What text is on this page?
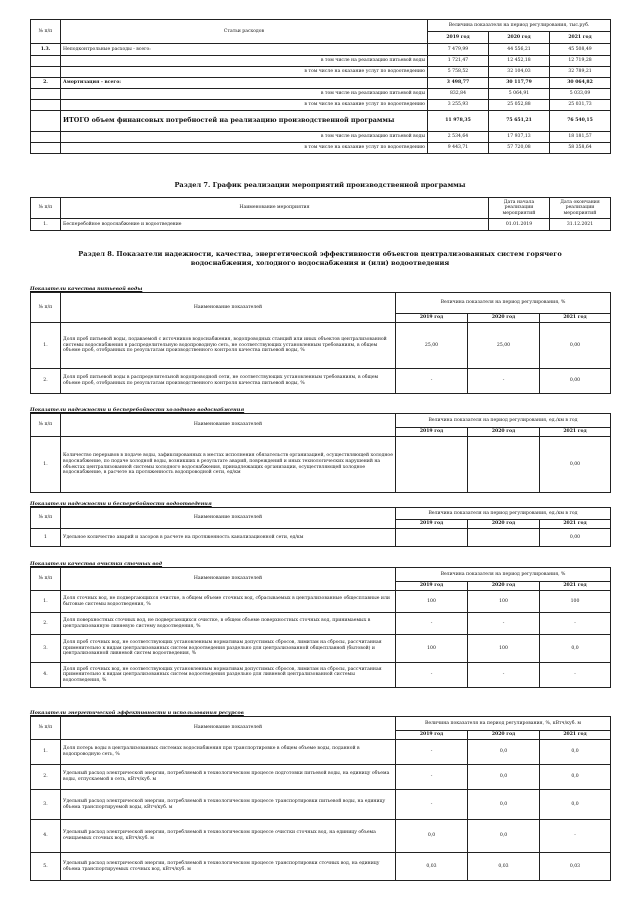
№ п/п	Статьи расходов	Величина показателя на период регулирования, тыс.руб.		
		2019 год	2020 год	2021 год
1.3.	Неподконтрольные расходы - всего:	7 479,99	44 556,21	45 508,49
	в том числе на реализацию питьевой воды	1 721,47	12 452,18	12 719,28
	в том числе на оказание услуг по водоотведению	5 758,52	32 104,03	32 789,21
2.	Амортизация - всего:	3 498,77	30 117,79	30 064,82
	в том числе на реализацию питьевой воды	832,84	5 064,91	5 033,09
	в том числе на оказание услуг по водоотведению	3 255,93	25 052,88	25 031,73
	ИТОГО объем финансовых потребностей на реализацию производственной программы	11 978,35	75 651,21	76 540,15
	в том числе на реализацию питьевой воды	2 534,64	17 937,13	18 181,57
	в том числе на оказание услуг по водоотведению	9 443,71	57 720,08	58 358,64
Раздел 7. График реализации мероприятий производственной программы
№ п/п	Наименование мероприятия	Дата начала реализации мероприятий	Дата окончания реализации мероприятий
1.	Бесперебойное водоснабжение и водоотведение	01.01.2019	31.12.2021
Раздел 8. Показатели надежности, качества, энергетической эффективности объектов централизованных систем горячего водоснабжения, холодного водоснабжения и (или) водоотведения
Показатели качества питьевой воды
№ п/п	Наименование показателей	Величина показателя на период регулирования, %		
		2019 год	2020 год	2021 год
1.	Доля проб питьевой воды, подаваемой с источников водоснабжения, водопроводных станций или иных объектов централизованной системы водоснабжения в распределительную водопроводную сеть, не соответствующих установленным требованиям, в общем объеме проб, отобранных по результатам производственного контроля качества питьевой воды, %	25,00	25,00	0,00
2.	Доля проб питьевой воды в распределительной водопроводной сети, не соответствующих установленным требованиям, в общем объеме проб, отобранных по результатам производственного контроля качества питьевой воды, %	-	-	0,00
Показатели надежности и бесперебойности холодного водоснабжения
№ п/п	Наименование показателей	Величина показателя на период регулирования, ед./км в год		
		2019 год	2020 год	2021 год
1.	Количество перерывов в подаче воды, зафиксированных в местах исполнения обязательств организацией, осуществляющей холодное водоснабжение, по подаче холодной воды, возникших в результате аварий, повреждений и иных технологических нарушений на объектах централизованной системы холодного водоснабжения, принадлежащих организации, осуществляющей холодное водоснабжение, в расчете на протяженность водопроводной сети, ед/км			0,00
Показатели надежности и бесперебойности водоотведения
№ п/п	Наименование показателей	Величина показателя на период регулирования, ед./км в год		
		2019 год	2020 год	2021 год
1	Удельное количество аварий и засоров в расчете на протяженность канализационной сети, ед/км			0,00
Показатели качества очистки сточных вод
№ п/п	Наименование показателей	Величина показателя на период регулирования, %		
		2019 год	2020 год	2021 год
1.	Доля сточных вод, не подвергающихся очистке, в общем объеме сточных вод, сбрасываемых в централизованные общесплавные или бытовые системы водоотведения, %	100	100	100
2.	Доля поверхностных сточных вод, не подвергающихся очистке, в общем объеме поверхностных сточных вод, принимаемых в централизованную ливневую систему водоотведения, %	-	-	-
3.	Доля проб сточных вод, не соответствующих установленным нормативам допустимых сбросов, лимитам на сбросы, рассчитанная применительно к видам централизованных систем водоотведения раздельно для централизованной общесплавной (бытовой) и централизованной ливневой систем водоотведения, %	100	100	0,0
4.	Доля проб сточных вод, не соответствующих установленным нормативам допустимых сбросов, лимитам на сбросы, рассчитанная применительно к видам централизованных систем водоотведения раздельно для ливневой централизованной системы водоотведения, %	-	-	-
Показатели энергетической эффективности и использования ресурсов
№ п/п	Наименование показателей	Величина показателя на период регулирования, %, кВтч/куб. м		
		2019 год	2020 год	2021 год
1.	Доля потерь воды в централизованных системах водоснабжения при транспортировке в общем объеме воды, поданной в водопроводную сеть, %	-	0,0	0,0
2.	Удельный расход электрической энергии, потребляемой в технологическом процессе подготовки питьевой воды, на единицу объема воды, отпускаемой в сеть, кВтч/куб. м	-	0,0	0,0
3.	Удельный расход электрической энергии, потребляемой в технологическом процессе транспортировки питьевой воды, на единицу объема транспортируемой воды, кВтч/куб. м	-	0,0	0,0
4.	Удельный расход электрической энергии, потребляемой в технологическом процессе очистки сточных вод, на единицу объема очищаемых сточных вод, кВтч/куб. м	0,0	0,0	-
5.	Удельный расход электрической энергии, потребляемой в технологическом процессе транспортировки сточных вод, на единицу объема транспортируемых сточных вод, кВтч/куб. м	0,03	0,03	0,03
